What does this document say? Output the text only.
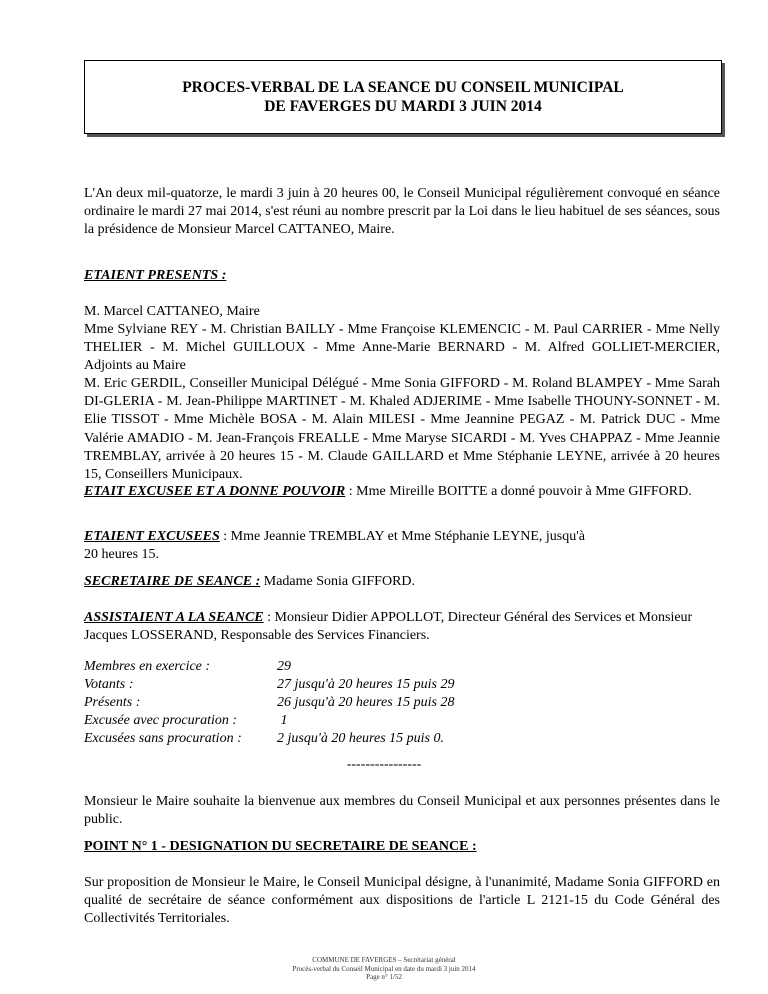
PROCES-VERBAL DE LA SEANCE DU CONSEIL MUNICIPAL
DE FAVERGES DU MARDI 3 JUIN 2014
L'An deux mil-quatorze, le mardi 3 juin à 20 heures 00, le Conseil Municipal régulièrement convoqué en séance ordinaire le mardi 27 mai 2014, s'est réuni au nombre prescrit par la Loi dans le lieu habituel de ses séances, sous la présidence de Monsieur Marcel CATTANEO, Maire.
ETAIENT PRESENTS :
M. Marcel CATTANEO, Maire
Mme Sylviane REY - M. Christian BAILLY - Mme Françoise KLEMENCIC - M. Paul CARRIER - Mme Nelly THELIER - M. Michel GUILLOUX - Mme Anne-Marie BERNARD - M. Alfred GOLLIET-MERCIER, Adjoints au Maire
M. Eric GERDIL, Conseiller Municipal Délégué - Mme Sonia GIFFORD - M. Roland BLAMPEY - Mme Sarah DI-GLERIA - M. Jean-Philippe MARTINET - M. Khaled ADJERIME - Mme Isabelle THOUNY-SONNET - M. Elie TISSOT - Mme Michèle BOSA - M. Alain MILESI - Mme Jeannine PEGAZ - M. Patrick DUC - Mme Valérie AMADIO - M. Jean-François FREALLE - Mme Maryse SICARDI - M. Yves CHAPPAZ - Mme Jeannie TREMBLAY, arrivée à 20 heures 15 - M. Claude GAILLARD et Mme Stéphanie LEYNE, arrivée à 20 heures 15, Conseillers Municipaux.
ETAIT EXCUSEE ET A DONNE POUVOIR : Mme Mireille BOITTE a donné pouvoir à Mme GIFFORD.
ETAIENT EXCUSEES : Mme Jeannie TREMBLAY et Mme Stéphanie LEYNE, jusqu'à
20 heures 15.
SECRETAIRE DE SEANCE : Madame Sonia GIFFORD.
ASSISTAIENT A LA SEANCE : Monsieur Didier APPOLLOT, Directeur Général des Services et Monsieur Jacques LOSSERAND, Responsable des Services Financiers.
Membres en exercice :	29
Votants :	27 jusqu'à 20 heures 15 puis 29
Présents :	26 jusqu'à 20 heures 15 puis 28
Excusée avec procuration :	1
Excusées sans procuration :	2 jusqu'à 20 heures 15 puis 0.
----------------
Monsieur le Maire souhaite la bienvenue aux membres du Conseil Municipal et aux personnes présentes dans le public.
POINT N° 1 - DESIGNATION DU SECRETAIRE DE SEANCE :
Sur proposition de Monsieur le Maire, le Conseil Municipal désigne, à l'unanimité, Madame Sonia GIFFORD en qualité de secrétaire de séance conformément aux dispositions de l'article L 2121-15 du Code Général des Collectivités Territoriales.
COMMUNE DE FAVERGES – Secrétariat général
Procès-verbal du Conseil Municipal en date du mardi 3 juin 2014
Page n° 1/52
